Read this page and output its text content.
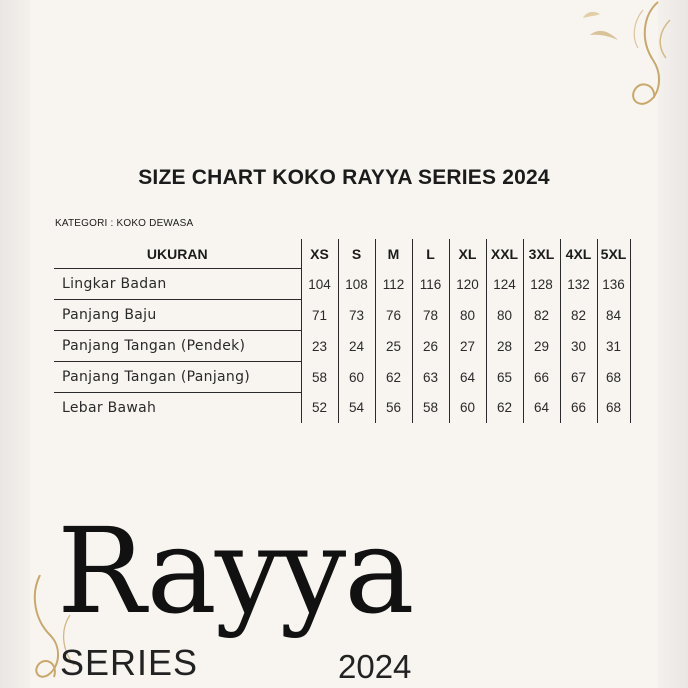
SIZE CHART KOKO RAYYA SERIES 2024
KATEGORI : KOKO DEWASA
UKURAN	XS	S	M	L	XL	XXL	3XL	4XL	5XL
Lingkar Badan	104	108	112	116	120	124	128	132	136
Panjang Baju	71	73	76	78	80	80	82	82	84
Panjang Tangan (Pendek)	23	24	25	26	27	28	29	30	31
Panjang Tangan (Panjang)	58	60	62	63	64	65	66	67	68
Lebar Bawah	52	54	56	58	60	62	64	66	68
Rayya
SERIES	2024
